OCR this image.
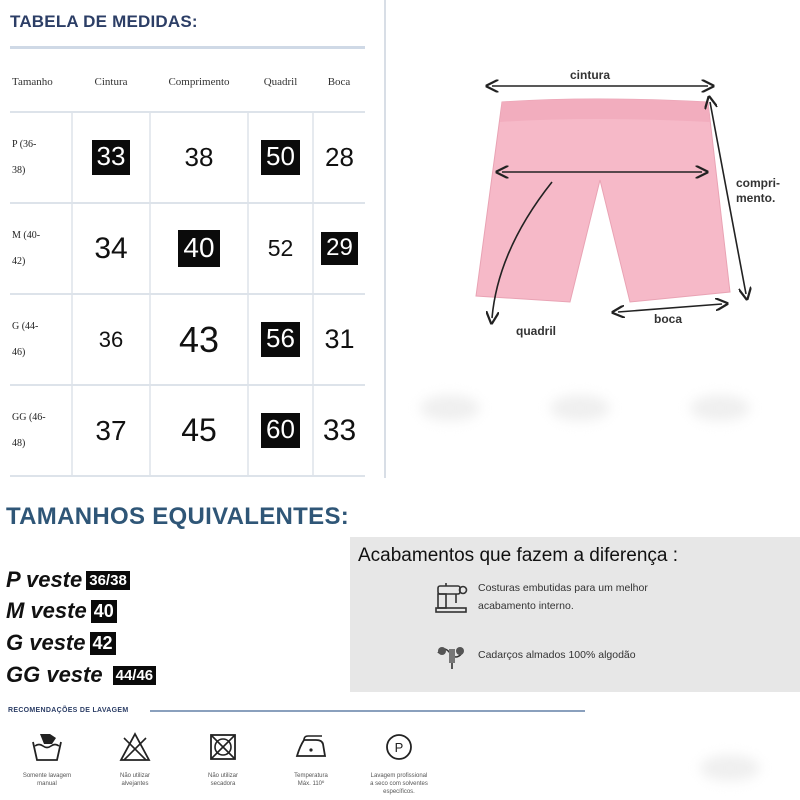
TABELA DE MEDIDAS:
Tamanho	Cintura	Comprimento	Quadril	Boca
P (36-
38)	33	38	50	28
M (40-
42)	34	40	52	29
G (44-
46)	36	43	56	31
GG (46-
48)	37	45	60	33
cintura
compri-
mento.
quadril
boca
TAMANHOS EQUIVALENTES:
P veste 36/38
M veste 40
G veste 42
GG veste 44/46
Acabamentos que fazem a diferença :
Costuras embutidas para um melhor
acabamento interno.
Cadarços almados 100% algodão
RECOMENDAÇÕES DE LAVAGEM
Somente lavagem
manual
Não utilizar
alvejantes
Não utilizar
secadora
Temperatura
Máx. 110º
P
Lavagem profissional
a seco com solventes
específicos.
